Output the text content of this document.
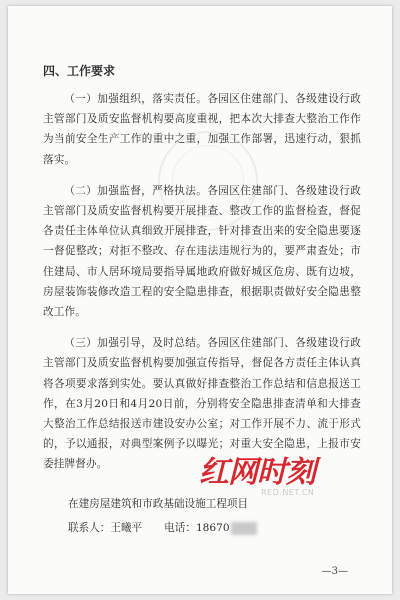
四、工作要求

（一）加强组织，落实责任。各园区住建部门、各级建设行政主管部门及质安监督机构要高度重视，把本次大排查大整治工作作为当前安全生产工作的重中之重，加强工作部署，迅速行动，狠抓落实。

（二）加强监督，严格执法。各园区住建部门、各级建设行政主管部门及质安监督机构要开展排查、整改工作的监督检查，督促各责任主体单位认真细致开展排查，针对排查出来的安全隐患要逐一督促整改；对拒不整改、存在违法违规行为的，要严肃查处；市住建局、市人居环境局要指导属地政府做好城区危房、既有边坡，房屋装饰装修改造工程的安全隐患排查，根据职责做好安全隐患整改工作。

（三）加强引导，及时总结。各园区住建部门、各级建设行政主管部门及质安监督机构要加强宣传指导，督促各方责任主体认真将各项要求落到实处。要认真做好排查整治工作总结和信息报送工作，在3月20日和4月20日前，分别将安全隐患排查清单和大排查大整治工作总结报送市建设安办公室；对工作开展不力、流于形式的，予以通报，对典型案例予以曝光；对重大安全隐患，上报市安委挂牌督办。

在建房屋建筑和市政基础设施工程项目
联系人：王曦平 电话：18670
—3—
红网时刻
RED.NET.CN
